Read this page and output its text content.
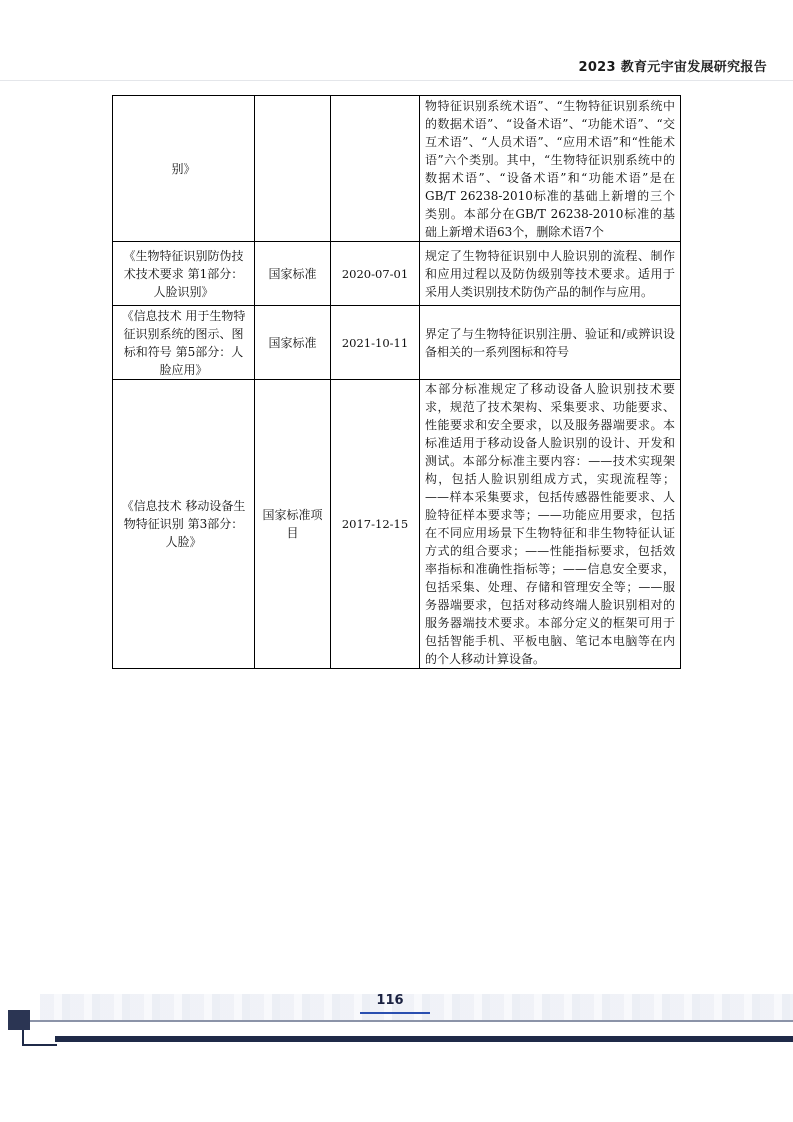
2023 教育元宇宙发展研究报告
别》			物特征识别系统术语”、“生物特征识别系统中的数据术语”、“设备术语”、“功能术语”、“交互术语”、“人员术语”、“应用术语”和“性能术语”六个类别。其中，“生物特征识别系统中的数据术语”、“设备术语”和“功能术语”是在GB/T 26238-2010标准的基础上新增的三个类别。本部分在GB/T 26238-2010标准的基础上新增术语63个，删除术语7个
《生物特征识别防伪技术技术要求 第1部分：人脸识别》	国家标准	2020-07-01	规定了生物特征识别中人脸识别的流程、制作和应用过程以及防伪级别等技术要求。适用于采用人类识别技术防伪产品的制作与应用。
《信息技术 用于生物特征识别系统的图示、图标和符号 第5部分：人脸应用》	国家标准	2021-10-11	界定了与生物特征识别注册、验证和/或辨识设备相关的一系列图标和符号
《信息技术 移动设备生物特征识别 第3部分：人脸》	国家标准项目	2017-12-15	本部分标准规定了移动设备人脸识别技术要求，规范了技术架构、采集要求、功能要求、性能要求和安全要求，以及服务器端要求。本标准适用于移动设备人脸识别的设计、开发和测试。本部分标准主要内容：——技术实现架构，包括人脸识别组成方式，实现流程等；——样本采集要求，包括传感器性能要求、人脸特征样本要求等；——功能应用要求，包括在不同应用场景下生物特征和非生物特征认证方式的组合要求；——性能指标要求，包括效率指标和准确性指标等；——信息安全要求，包括采集、处理、存储和管理安全等；——服务器端要求，包括对移动终端人脸识别相对的服务器端技术要求。本部分定义的框架可用于包括智能手机、平板电脑、笔记本电脑等在内的个人移动计算设备。
116
